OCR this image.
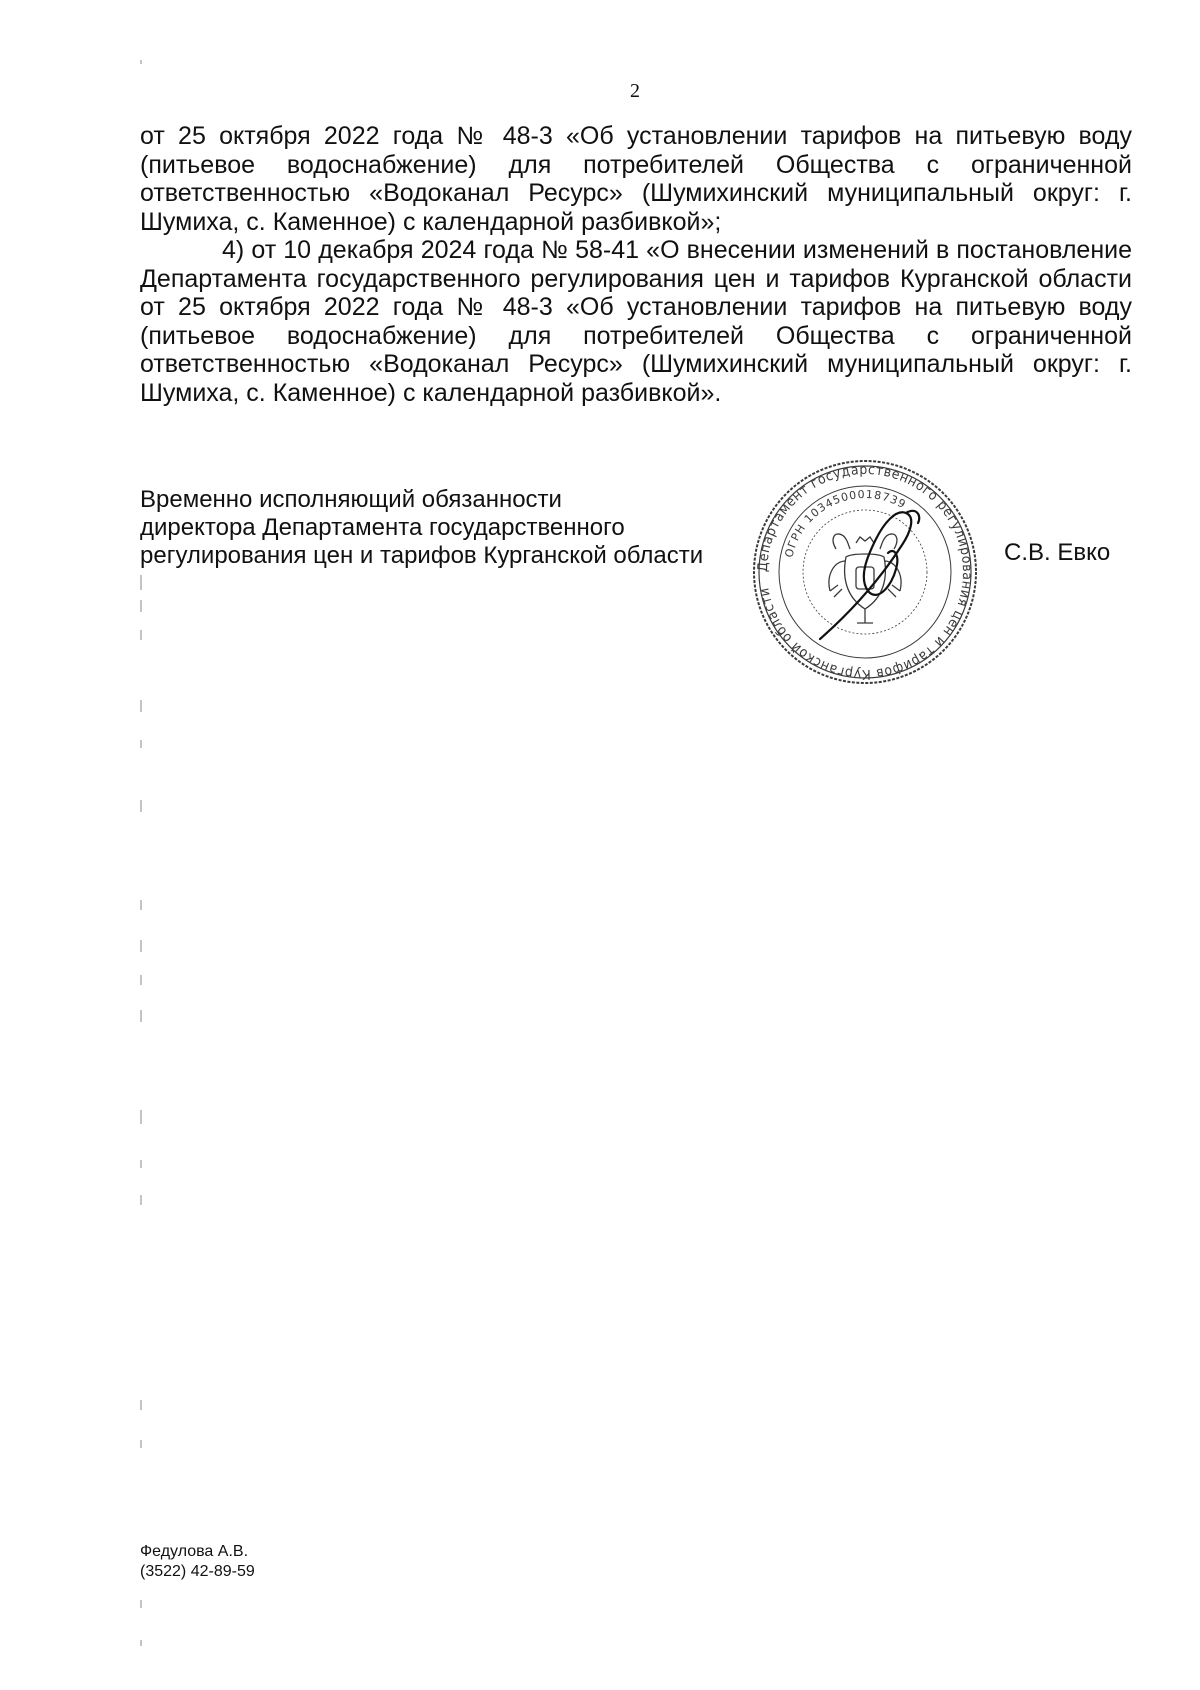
2

от 25 октября 2022 года № 48-3 «Об установлении тарифов на питьевую воду (питьевое водоснабжение) для потребителей Общества с ограниченной ответственностью «Водоканал Ресурс» (Шумихинский муниципальный округ: г. Шумиха, с. Каменное) с календарной разбивкой»;

4) от 10 декабря 2024 года № 58-41 «О внесении изменений в постановление Департамента государственного регулирования цен и тарифов Курганской области от 25 октября 2022 года № 48-3 «Об установлении тарифов на питьевую воду (питьевое водоснабжение) для потребителей Общества с ограниченной ответственностью «Водоканал Ресурс» (Шумихинский муниципальный округ: г. Шумиха, с. Каменное) с календарной разбивкой».

Временно исполняющий обязанности
директора Департамента государственного
регулирования цен и тарифов Курганской области	Департамент государственного регулирования цен и тарифов Курганской области
ОГРН 1034500018739
С.В. Евко
Федулова А.В.
(3522) 42-89-59
